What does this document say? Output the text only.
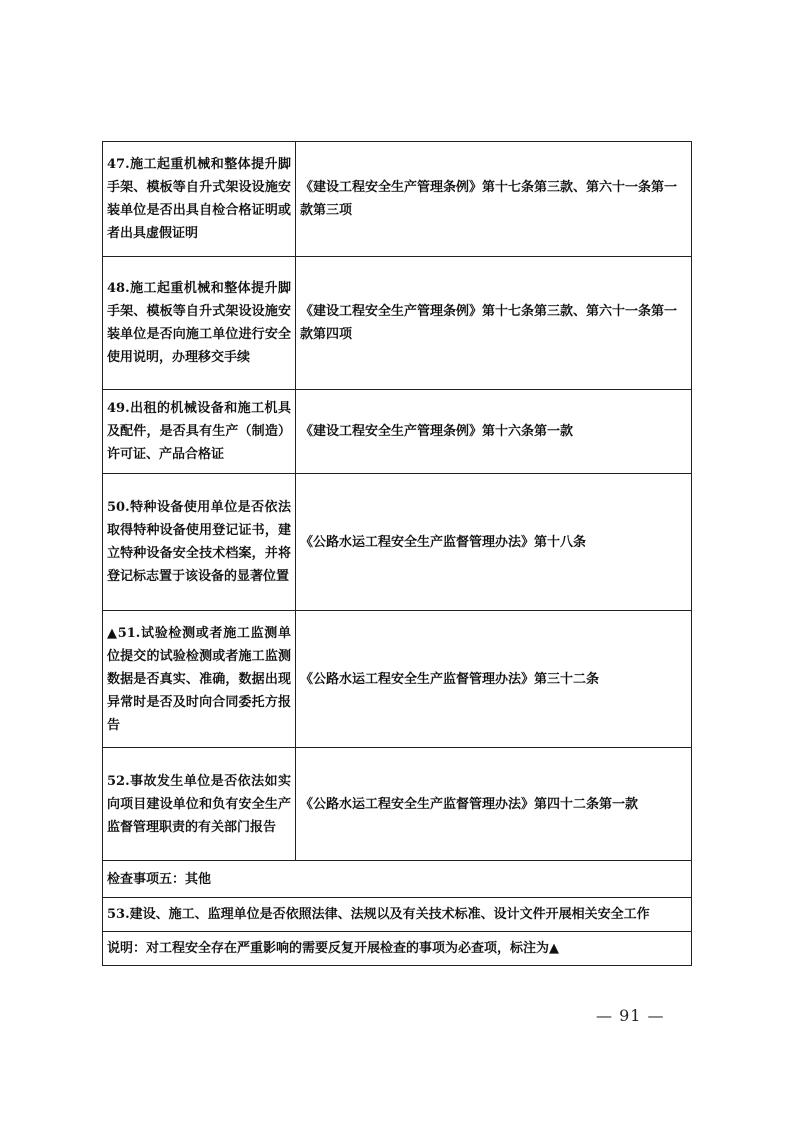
47.施工起重机械和整体提升脚手架、模板等自升式架设设施安装单位是否出具自检合格证明或者出具虚假证明	《建设工程安全生产管理条例》第十七条第三款、第六十一条第一款第三项
48.施工起重机械和整体提升脚手架、模板等自升式架设设施安装单位是否向施工单位进行安全使用说明，办理移交手续	《建设工程安全生产管理条例》第十七条第三款、第六十一条第一款第四项
49.出租的机械设备和施工机具及配件，是否具有生产（制造）许可证、产品合格证	《建设工程安全生产管理条例》第十六条第一款
50.特种设备使用单位是否依法取得特种设备使用登记证书，建立特种设备安全技术档案，并将登记标志置于该设备的显著位置	《公路水运工程安全生产监督管理办法》第十八条
▲51.试验检测或者施工监测单位提交的试验检测或者施工监测数据是否真实、准确，数据出现异常时是否及时向合同委托方报告	《公路水运工程安全生产监督管理办法》第三十二条
52.事故发生单位是否依法如实向项目建设单位和负有安全生产监督管理职责的有关部门报告	《公路水运工程安全生产监督管理办法》第四十二条第一款
检查事项五：其他	
53.建设、施工、监理单位是否依照法律、法规以及有关技术标准、设计文件开展相关安全工作	
说明：对工程安全存在严重影响的需要反复开展检查的事项为必查项，标注为▲	
— 91 —
